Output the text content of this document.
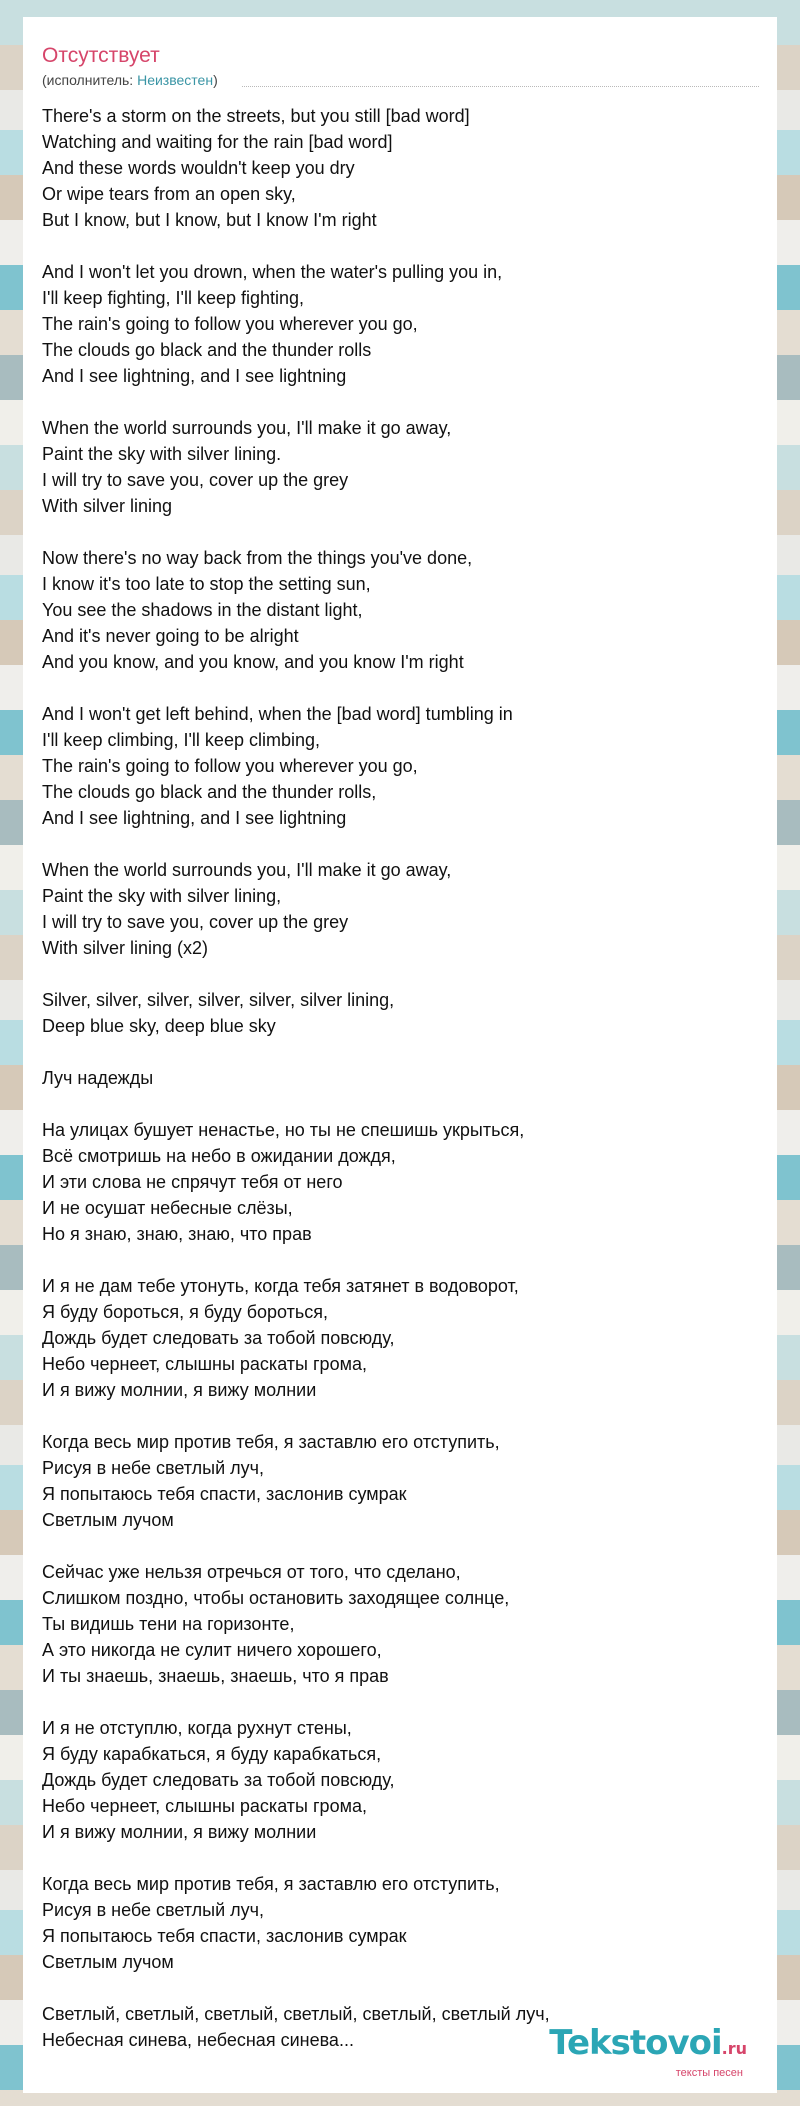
Отсутствует
(исполнитель: Неизвестен)
There's a storm on the streets, but you still [bad word]
Watching and waiting for the rain [bad word]
And these words wouldn't keep you dry
Or wipe tears from an open sky,
But I know, but I know, but I know I'm right
And I won't let you drown, when the water's pulling you in,
I'll keep fighting, I'll keep fighting,
The rain's going to follow you wherever you go,
The clouds go black and the thunder rolls
And I see lightning, and I see lightning
When the world surrounds you, I'll make it go away,
Paint the sky with silver lining.
I will try to save you, cover up the grey
With silver lining
Now there's no way back from the things you've done,
I know it's too late to stop the setting sun,
You see the shadows in the distant light,
And it's never going to be alright
And you know, and you know, and you know I'm right
And I won't get left behind, when the [bad word] tumbling in
I'll keep climbing, I'll keep climbing,
The rain's going to follow you wherever you go,
The clouds go black and the thunder rolls,
And I see lightning, and I see lightning
When the world surrounds you, I'll make it go away,
Paint the sky with silver lining,
I will try to save you, cover up the grey
With silver lining (x2)
Silver, silver, silver, silver, silver, silver lining,
Deep blue sky, deep blue sky
Луч надежды
На улицах бушует ненастье, но ты не спешишь укрыться,
Всё смотришь на небо в ожидании дождя,
И эти слова не спрячут тебя от него
И не осушат небесные слёзы,
Но я знаю, знаю, знаю, что прав
И я не дам тебе утонуть, когда тебя затянет в водоворот,
Я буду бороться, я буду бороться,
Дождь будет следовать за тобой повсюду,
Небо чернеет, слышны раскаты грома,
И я вижу молнии, я вижу молнии
Когда весь мир против тебя, я заставлю его отступить,
Рисуя в небе светлый луч,
Я попытаюсь тебя спасти, заслонив сумрак
Светлым лучом
Сейчас уже нельзя отречься от того, что сделано,
Слишком поздно, чтобы остановить заходящее солнце,
Ты видишь тени на горизонте,
А это никогда не сулит ничего хорошего,
И ты знаешь, знаешь, знаешь, что я прав
И я не отступлю, когда рухнут стены,
Я буду карабкаться, я буду карабкаться,
Дождь будет следовать за тобой повсюду,
Небо чернеет, слышны раскаты грома,
И я вижу молнии, я вижу молнии
Когда весь мир против тебя, я заставлю его отступить,
Рисуя в небе светлый луч,
Я попытаюсь тебя спасти, заслонив сумрак
Светлым лучом
Светлый, светлый, светлый, светлый, светлый, светлый луч,
Небесная синева, небесная синева...	Tekstovoi.ru
тексты песен
